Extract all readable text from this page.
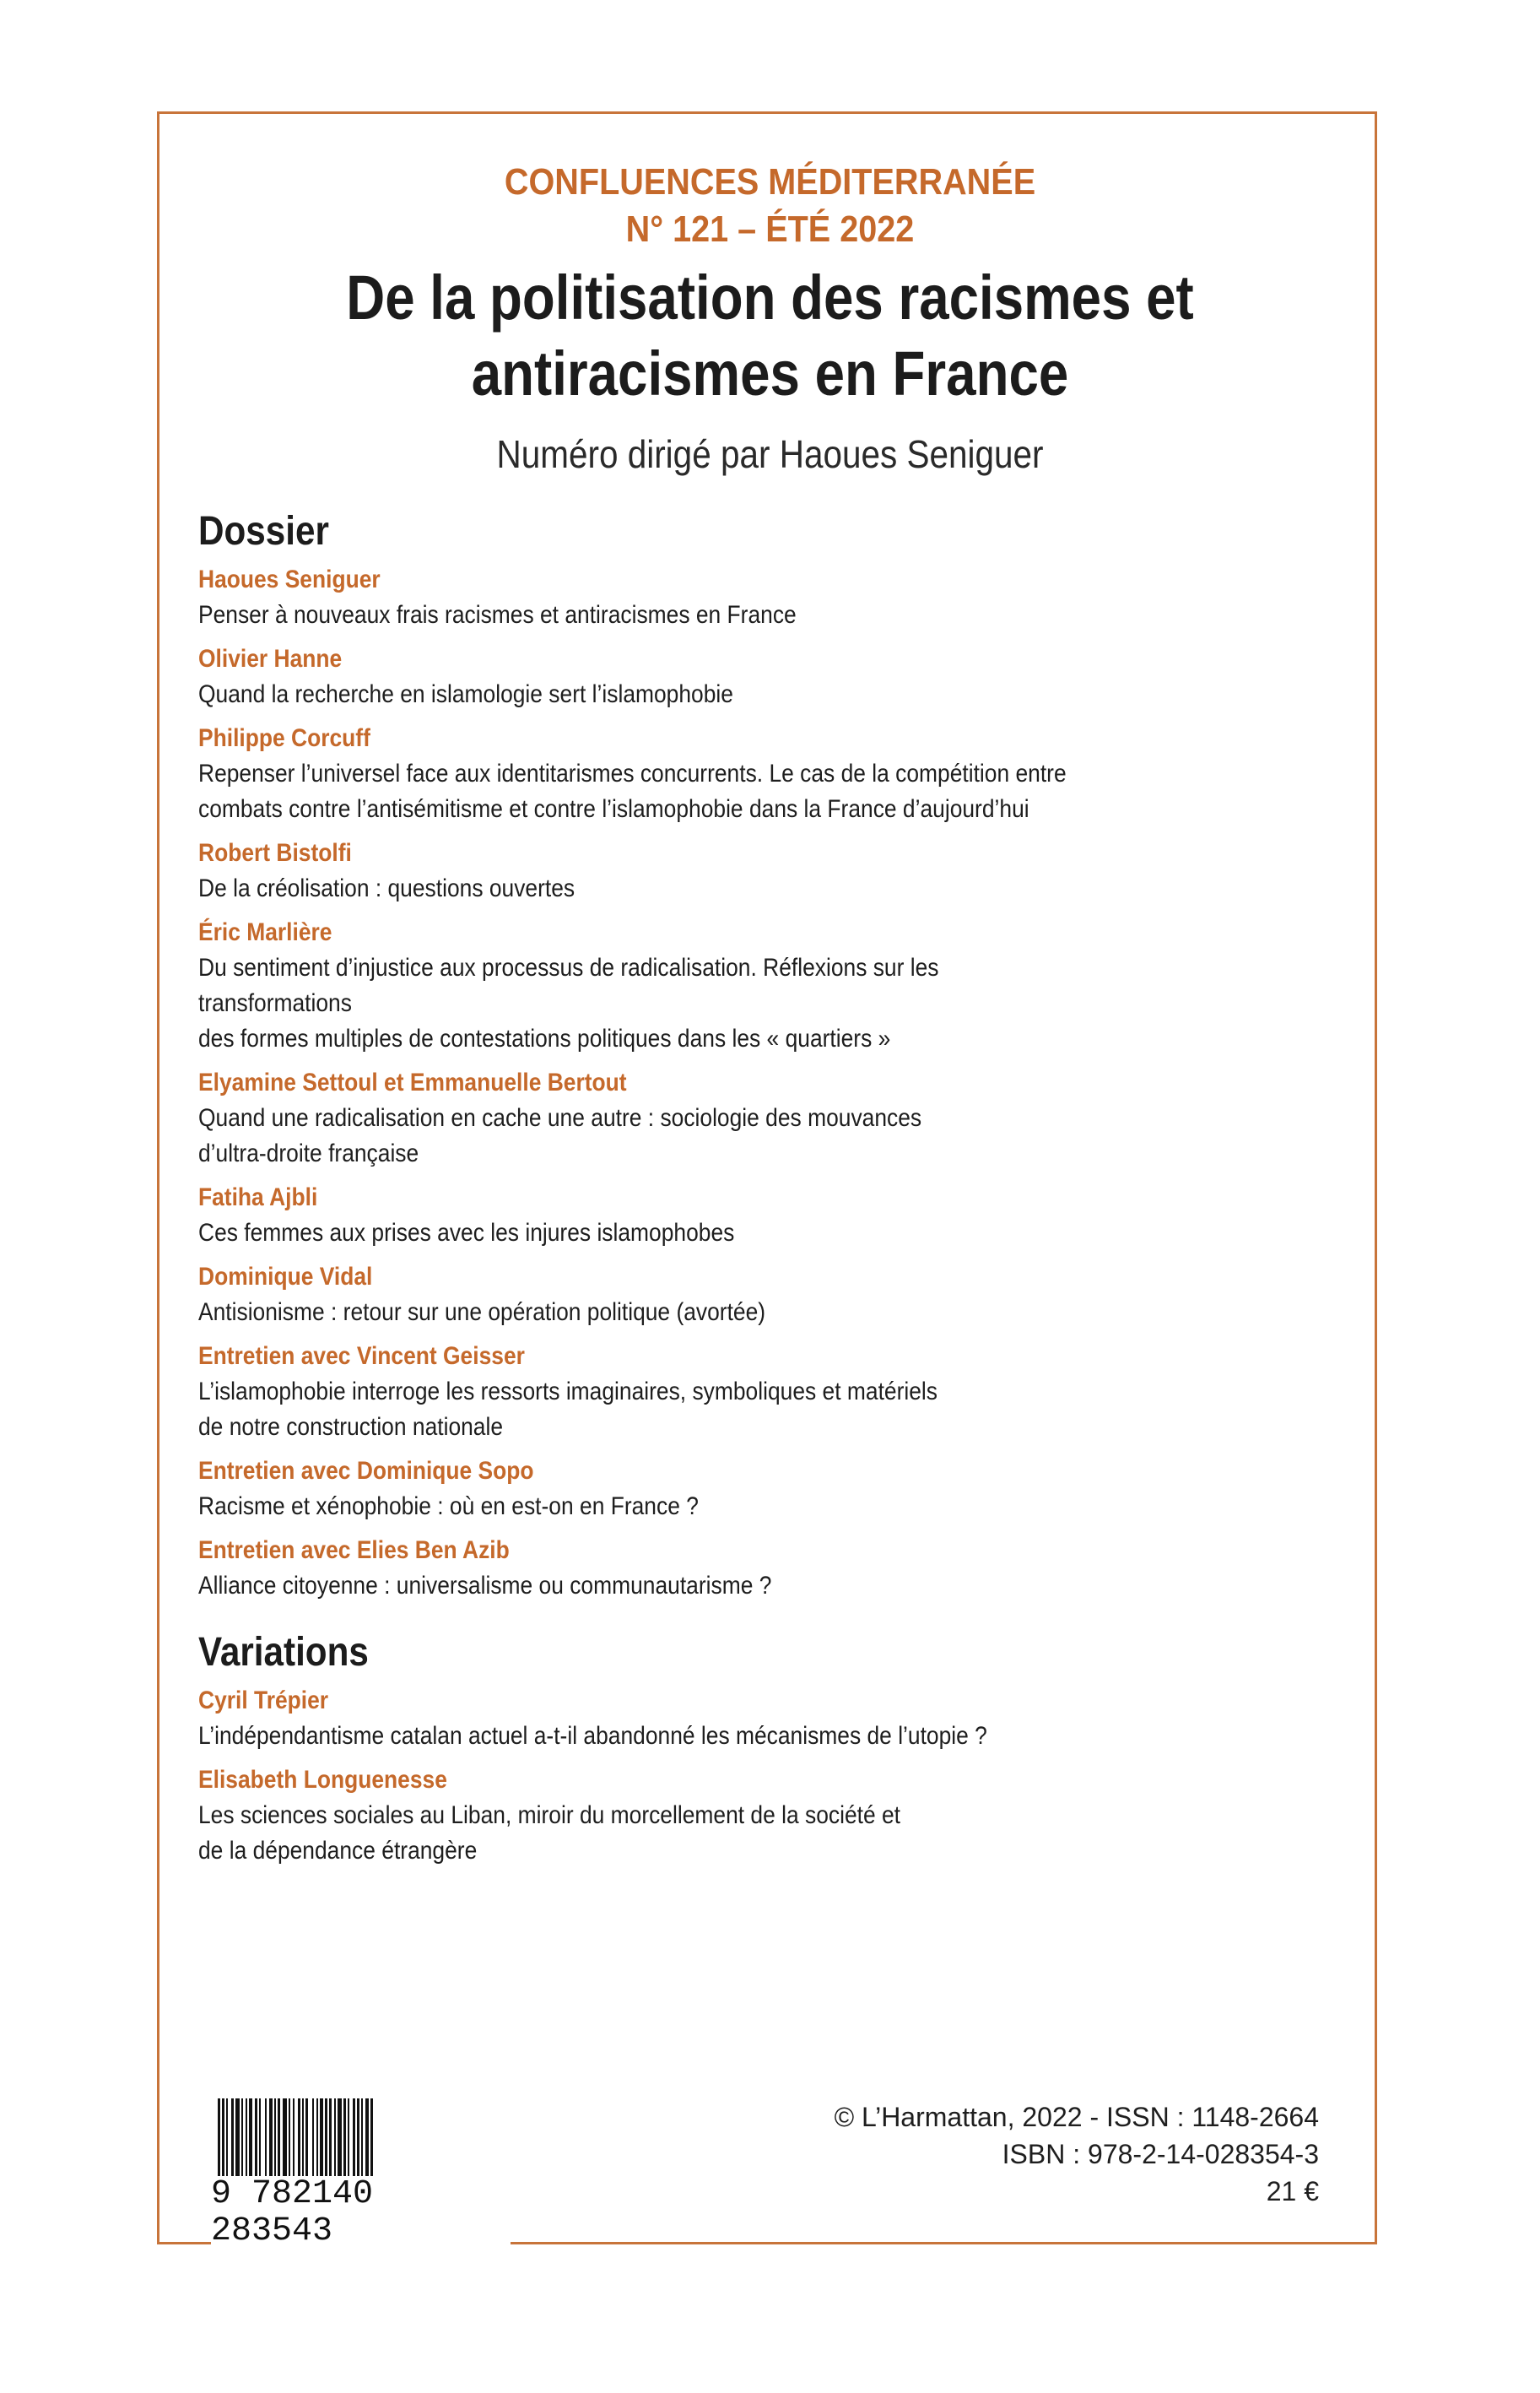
CONFLUENCES MÉDITERRANÉE
N° 121 – ÉTÉ 2022
De la politisation des racismes et
antiracismes en France
Numéro dirigé par Haoues Seniguer
Dossier
Haoues Seniguer
Penser à nouveaux frais racismes et antiracismes en France
Olivier Hanne
Quand la recherche en islamologie sert l’islamophobie
Philippe Corcuff
Repenser l’universel face aux identitarismes concurrents. Le cas de la compétition entre
combats contre l’antisémitisme et contre l’islamophobie dans la France d’aujourd’hui
Robert Bistolfi
De la créolisation : questions ouvertes
Éric Marlière
Du sentiment d’injustice aux processus de radicalisation. Réflexions sur les transformations
des formes multiples de contestations politiques dans les « quartiers »
Elyamine Settoul et Emmanuelle Bertout
Quand une radicalisation en cache une autre : sociologie des mouvances
d’ultra-droite française
Fatiha Ajbli
Ces femmes aux prises avec les injures islamophobes
Dominique Vidal
Antisionisme : retour sur une opération politique (avortée)
Entretien avec Vincent Geisser
L’islamophobie interroge les ressorts imaginaires, symboliques et matériels
de notre construction nationale
Entretien avec Dominique Sopo
Racisme et xénophobie : où en est-on en France ?
Entretien avec Elies Ben Azib
Alliance citoyenne : universalisme ou communautarisme ?
Variations
Cyril Trépier
L’indépendantisme catalan actuel a-t-il abandonné les mécanismes de l’utopie ?
Elisabeth Longuenesse
Les sciences sociales au Liban, miroir du morcellement de la société et
de la dépendance étrangère
9 782140 283543
© L’Harmattan, 2022 - ISSN : 1148-2664
ISBN : 978-2-14-028354-3
21 €
